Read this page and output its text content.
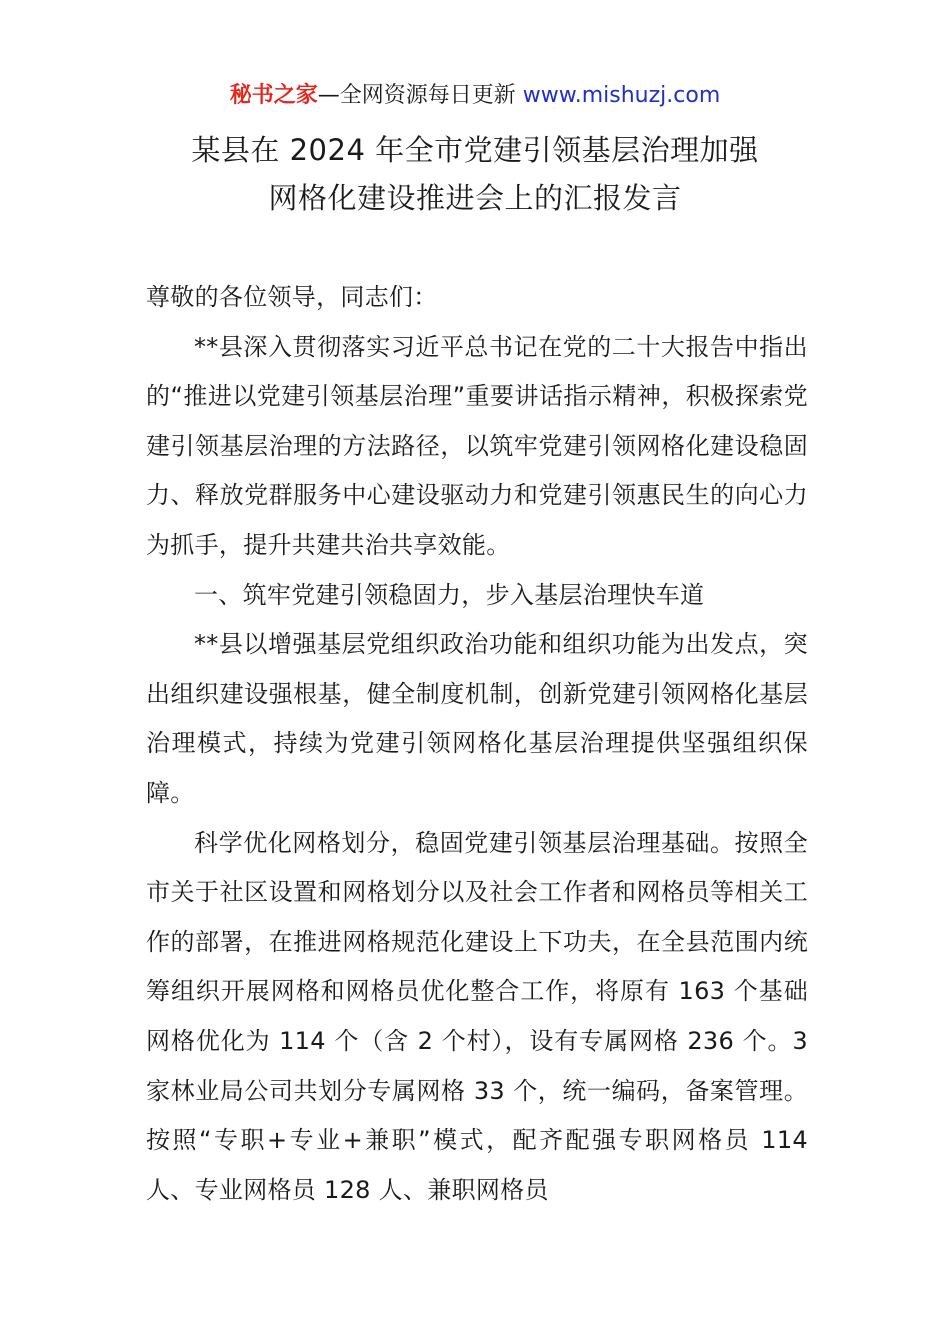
秘书之家—全网资源每日更新 www.mishuzj.com
某县在 2024 年全市党建引领基层治理加强
网格化建设推进会上的汇报发言

尊敬的各位领导，同志们：

**县深入贯彻落实习近平总书记在党的二十大报告中指出的“推进以党建引领基层治理”重要讲话指示精神，积极探索党建引领基层治理的方法路径，以筑牢党建引领网格化建设稳固力、释放党群服务中心建设驱动力和党建引领惠民生的向心力为抓手，提升共建共治共享效能。

一、筑牢党建引领稳固力，步入基层治理快车道

**县以增强基层党组织政治功能和组织功能为出发点，突出组织建设强根基，健全制度机制，创新党建引领网格化基层治理模式，持续为党建引领网格化基层治理提供坚强组织保障。

科学优化网格划分，稳固党建引领基层治理基础。按照全市关于社区设置和网格划分以及社会工作者和网格员等相关工作的部署，在推进网格规范化建设上下功夫，在全县范围内统筹组织开展网格和网格员优化整合工作，将原有 163 个基础网格优化为 114 个（含 2 个村），设有专属网格 236 个。3 家林业局公司共划分专属网格 33 个，统一编码，备案管理。按照“专职+专业+兼职”模式，配齐配强专职网格员 114 人、专业网格员 128 人、兼职网格员
